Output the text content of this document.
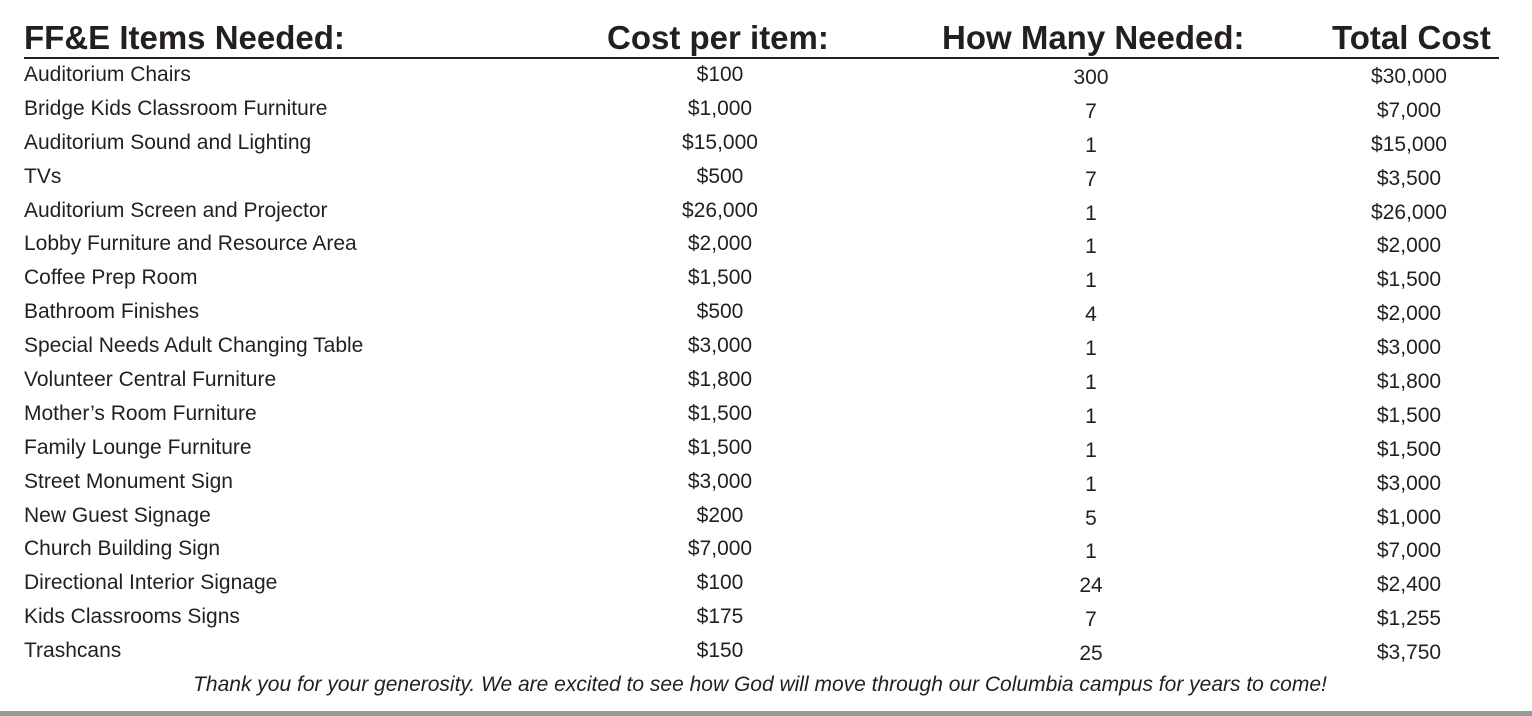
FF&E Items Needed:	Cost per item:	How Many Needed:	Total Cost
Auditorium Chairs	$100	300	$30,000
Bridge Kids Classroom Furniture	$1,000	7	$7,000
Auditorium Sound and Lighting	$15,000	1	$15,000
TVs	$500	7	$3,500
Auditorium Screen and Projector	$26,000	1	$26,000
Lobby Furniture and Resource Area	$2,000	1	$2,000
Coffee Prep Room	$1,500	1	$1,500
Bathroom Finishes	$500	4	$2,000
Special Needs Adult Changing Table	$3,000	1	$3,000
Volunteer Central Furniture	$1,800	1	$1,800
Mother’s Room Furniture	$1,500	1	$1,500
Family Lounge Furniture	$1,500	1	$1,500
Street Monument Sign	$3,000	1	$3,000
New Guest Signage	$200	5	$1,000
Church Building Sign	$7,000	1	$7,000
Directional Interior Signage	$100	24	$2,400
Kids Classrooms Signs	$175	7	$1,255
Trashcans	$150	25	$3,750
Thank you for your generosity. We are excited to see how God will move through our Columbia campus for years to come!
